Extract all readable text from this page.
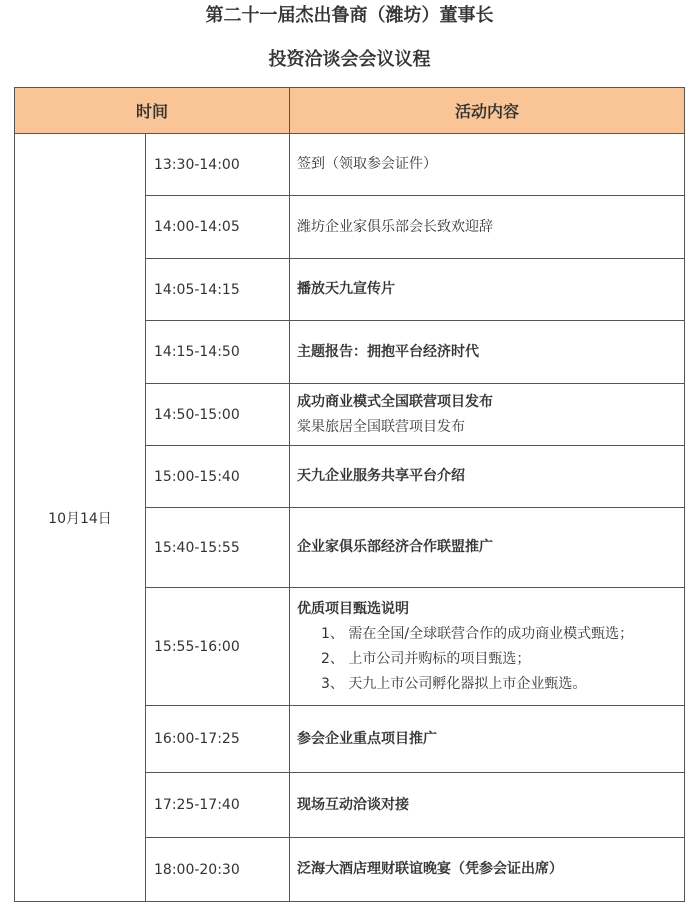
第二十一届杰出鲁商（潍坊）董事长
投资洽谈会会议议程
时间		活动内容
10月14日	13:30-14:00	签到（领取参会证件）

	14:00-14:05	潍坊企业家俱乐部会长致欢迎辞

	14:05-14:15	播放天九宣传片

	14:15-14:50	主题报告：拥抱平台经济时代

	14:50-15:00	成功商业模式全国联营项目发布
棠果旅居全国联营项目发布

	15:00-15:40	天九企业服务共享平台介绍

	15:40-15:55	企业家俱乐部经济合作联盟推广

	15:55-16:00	优质项目甄选说明
1、 需在全国/全球联营合作的成功商业模式甄选；
2、 上市公司并购标的项目甄选；
3、 天九上市公司孵化器拟上市企业甄选。

	16:00-17:25	参会企业重点项目推广

	17:25-17:40	现场互动洽谈对接

	18:00-20:30	泛海大酒店理财联谊晚宴（凭参会证出席）
